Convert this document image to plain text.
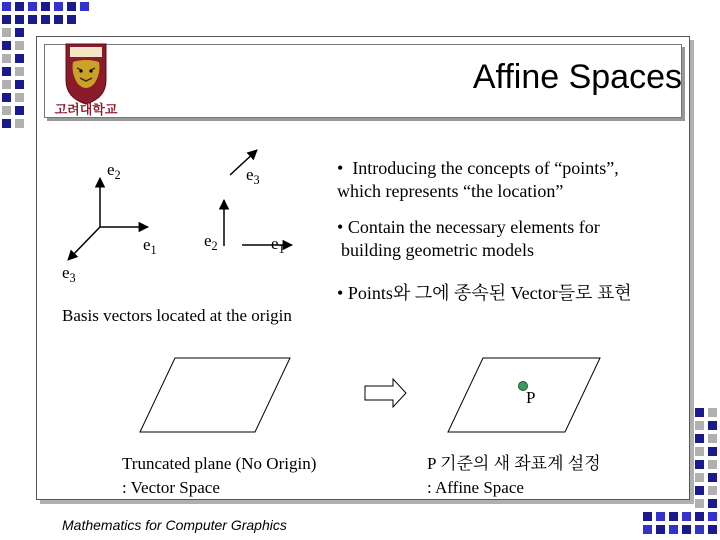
고려대학교
Affine Spaces
$e_2$
$e_1$
$e_3$
$e_3$
$e_2$	$e_1$
Basis vectors located at the origin
•  Introducing the concepts of “points”,
which represents “the location”
• Contain the necessary elements for
building geometric models
• Points와 그에 종속된 Vector들로 표현
P
Truncated plane (No Origin)
: Vector Space
P 기준의 새 좌표계 설정
: Affine Space
Mathematics for Computer Graphics
